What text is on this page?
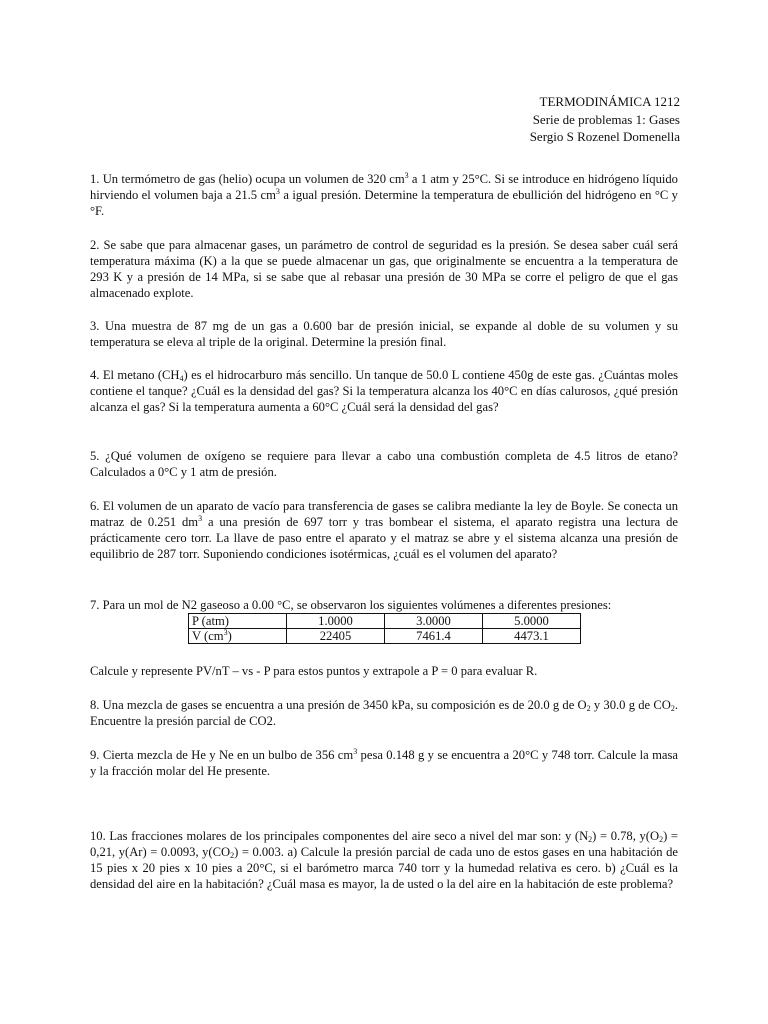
TERMODINÁMICA 1212
Serie de problemas 1: Gases
Sergio S Rozenel Domenella
1. Un termómetro de gas (helio) ocupa un volumen de 320 $cm^3$ a 1 atm y 25°C. Si se introduce en hidrógeno líquido hirviendo el volumen baja a 21.5 $cm^3$ a igual presión. Determine la temperatura de ebullición del hidrógeno en °C y °F.
2. Se sabe que para almacenar gases, un parámetro de control de seguridad es la presión. Se desea saber cuál será temperatura máxima (K) a la que se puede almacenar un gas, que originalmente se encuentra a la temperatura de 293 K y a presión de 14 MPa, si se sabe que al rebasar una presión de 30 MPa se corre el peligro de que el gas almacenado explote.
3. Una muestra de 87 mg de un gas a 0.600 bar de presión inicial, se expande al doble de su volumen y su temperatura se eleva al triple de la original. Determine la presión final.
4. El metano $(CH_4)$ es el hidrocarburo más sencillo. Un tanque de 50.0 L contiene 450g de este gas. ¿Cuántas moles contiene el tanque? ¿Cuál es la densidad del gas? Si la temperatura alcanza los 40°C en días calurosos, ¿qué presión alcanza el gas? Si la temperatura aumenta a 60°C ¿Cuál será la densidad del gas?
5. ¿Qué volumen de oxígeno se requiere para llevar a cabo una combustión completa de 4.5 litros de etano? Calculados a 0°C y 1 atm de presión.
6. El volumen de un aparato de vacío para transferencia de gases se calibra mediante la ley de Boyle. Se conecta un matraz de 0.251 $dm^3$ a una presión de 697 torr y tras bombear el sistema, el aparato registra una lectura de prácticamente cero torr. La llave de paso entre el aparato y el matraz se abre y el sistema alcanza una presión de equilibrio de 287 torr. Suponiendo condiciones isotérmicas, ¿cuál es el volumen del aparato?
7. Para un mol de N2 gaseoso a 0.00 °C, se observaron los siguientes volúmenes a diferentes presiones:
P (atm)	1.0000	3.0000	5.0000
V $(cm^3)$	22405	7461.4	4473.1
Calcule y represente PV/nT – vs - P para estos puntos y extrapole a P = 0 para evaluar R.
8. Una mezcla de gases se encuentra a una presión de 3450 kPa, su composición es de 20.0 g de $O_2$ y 30.0 g de $CO_2$. Encuentre la presión parcial de CO2.
9. Cierta mezcla de He y Ne en un bulbo de 356 $cm^3$ pesa 0.148 g y se encuentra a 20°C y 748 torr. Calcule la masa y la fracción molar del He presente.
10. Las fracciones molares de los principales componentes del aire seco a nivel del mar son: y $(N_2) = 0.78$, $y(O_2) = 0,21$, y(Ar) = 0.0093, $y(CO_2) = 0.003$. a) Calcule la presión parcial de cada uno de estos gases en una habitación de 15 pies x 20 pies x 10 pies a 20°C, si el barómetro marca 740 torr y la humedad relativa es cero. b) ¿Cuál es la densidad del aire en la habitación? ¿Cuál masa es mayor, la de usted o la del aire en la habitación de este problema?
